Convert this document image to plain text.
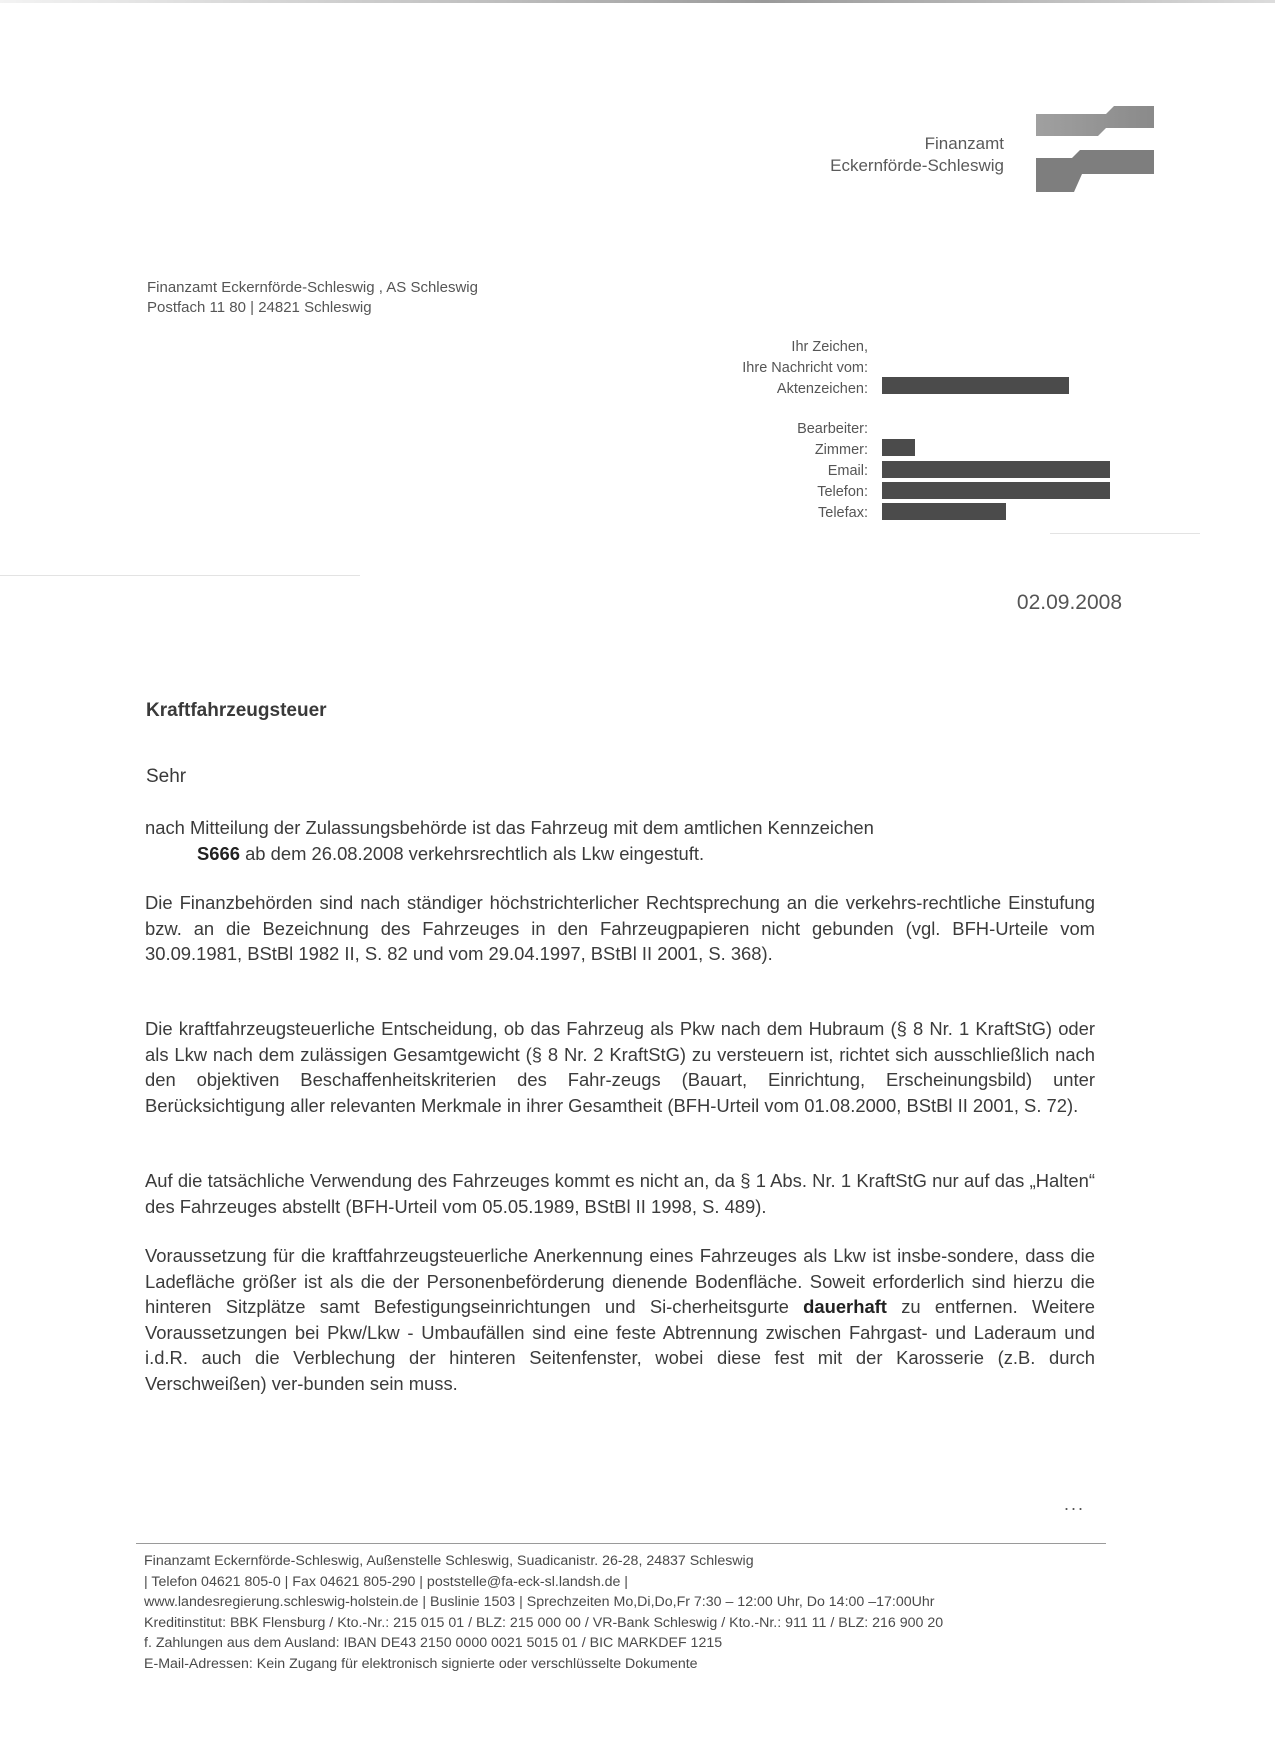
Finanzamt
Eckernförde-Schleswig
Finanzamt Eckernförde-Schleswig , AS Schleswig
Postfach 11 80 | 24821 Schleswig
Ihr Zeichen,
Ihre Nachricht vom:
Aktenzeichen:
Bearbeiter:
Zimmer:
Email:
Telefon:
Telefax:
02.09.2008
Kraftfahrzeugsteuer
Sehr
nach Mitteilung der Zulassungsbehörde ist das Fahrzeug mit dem amtlichen Kennzeichen
S666 ab dem 26.08.2008 verkehrsrechtlich als Lkw eingestuft.
Die Finanzbehörden sind nach ständiger höchstrichterlicher Rechtsprechung an die verkehrs-rechtliche Einstufung bzw. an die Bezeichnung des Fahrzeuges in den Fahrzeugpapieren nicht gebunden (vgl. BFH-Urteile vom 30.09.1981, BStBl 1982 II, S. 82 und vom 29.04.1997, BStBl II 2001, S. 368).
Die kraftfahrzeugsteuerliche Entscheidung, ob das Fahrzeug als Pkw nach dem Hubraum (§ 8 Nr. 1 KraftStG) oder als Lkw nach dem zulässigen Gesamtgewicht (§ 8 Nr. 2 KraftStG) zu versteuern ist, richtet sich ausschließlich nach den objektiven Beschaffenheitskriterien des Fahr-zeugs (Bauart, Einrichtung, Erscheinungsbild) unter Berücksichtigung aller relevanten Merkmale in ihrer Gesamtheit (BFH-Urteil vom 01.08.2000, BStBl II 2001, S. 72).
Auf die tatsächliche Verwendung des Fahrzeuges kommt es nicht an, da § 1 Abs. Nr. 1 KraftStG nur auf das „Halten“ des Fahrzeuges abstellt (BFH-Urteil vom 05.05.1989, BStBl II 1998, S. 489).
Voraussetzung für die kraftfahrzeugsteuerliche Anerkennung eines Fahrzeuges als Lkw ist insbe-sondere, dass die Ladefläche größer ist als die der Personenbeförderung dienende Bodenfläche. Soweit erforderlich sind hierzu die hinteren Sitzplätze samt Befestigungseinrichtungen und Si-cherheitsgurte dauerhaft zu entfernen. Weitere Voraussetzungen bei Pkw/Lkw - Umbaufällen sind eine feste Abtrennung zwischen Fahrgast- und Laderaum und i.d.R. auch die Verblechung der hinteren Seitenfenster, wobei diese fest mit der Karosserie (z.B. durch Verschweißen) ver-bunden sein muss.
...
Finanzamt Eckernförde-Schleswig, Außenstelle Schleswig, Suadicanistr. 26-28, 24837 Schleswig
| Telefon 04621 805-0 | Fax 04621 805-290 | poststelle@fa-eck-sl.landsh.de |
www.landesregierung.schleswig-holstein.de | Buslinie 1503 | Sprechzeiten Mo,Di,Do,Fr 7:30 – 12:00 Uhr, Do 14:00 –17:00Uhr
Kreditinstitut: BBK Flensburg / Kto.-Nr.: 215 015 01 / BLZ: 215 000 00 / VR-Bank Schleswig / Kto.-Nr.: 911 11 / BLZ: 216 900 20
f. Zahlungen aus dem Ausland: IBAN DE43 2150 0000 0021 5015 01 / BIC MARKDEF 1215
E-Mail-Adressen: Kein Zugang für elektronisch signierte oder verschlüsselte Dokumente
